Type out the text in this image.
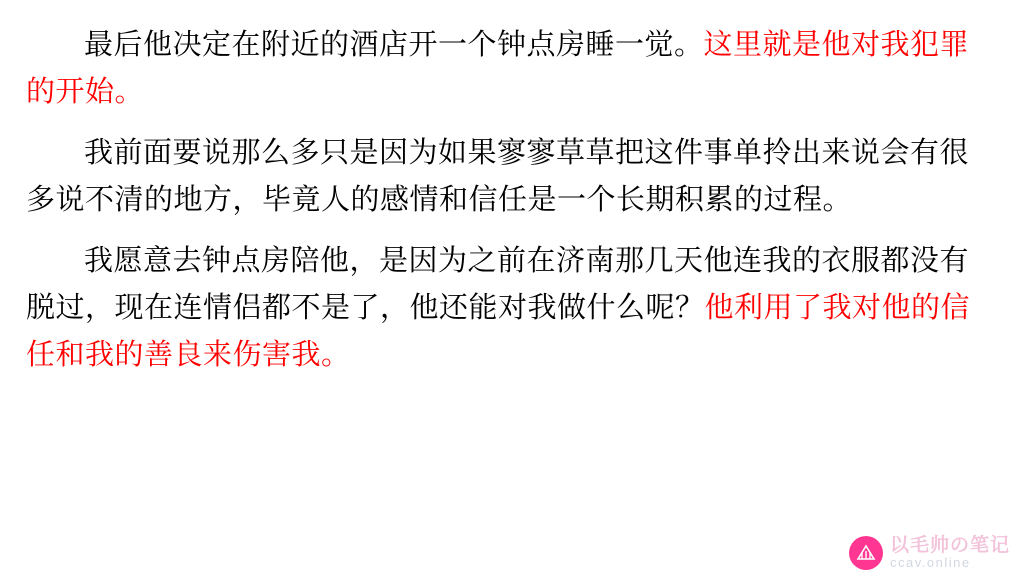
最后他决定在附近的酒店开一个钟点房睡一觉。这里就是他对我犯罪的开始。

我前面要说那么多只是因为如果寥寥草草把这件事单拎出来说会有很多说不清的地方，毕竟人的感情和信任是一个长期积累的过程。

我愿意去钟点房陪他，是因为之前在济南那几天他连我的衣服都没有脱过，现在连情侣都不是了，他还能对我做什么呢？他利用了我对他的信任和我的善良来伤害我。

以毛帅の笔记
ccav.online
